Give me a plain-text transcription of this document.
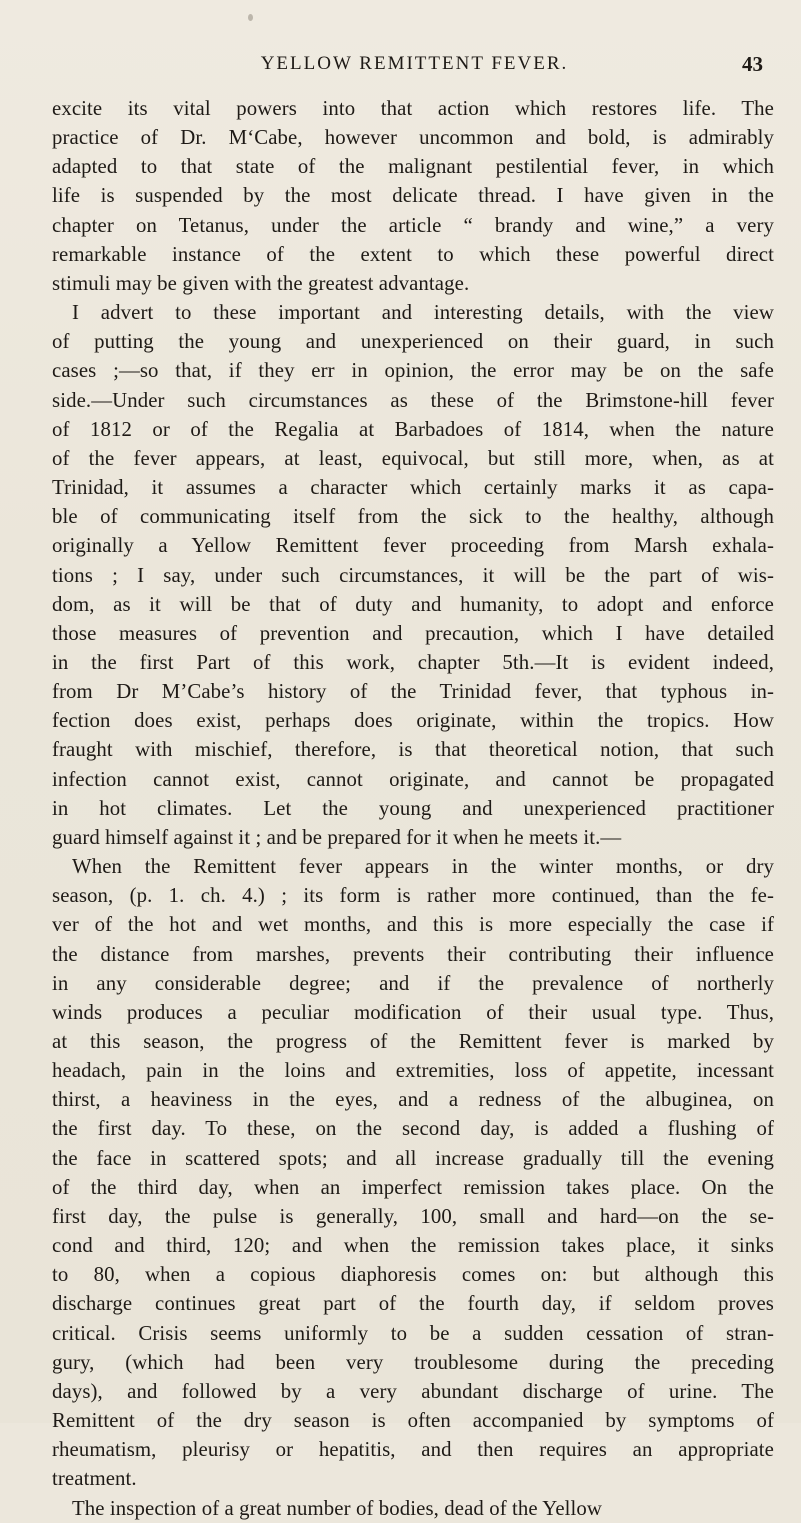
YELLOW REMITTENT FEVER.	43
excite its vital powers into that action which restores life. The
practice of Dr. M‘Cabe, however uncommon and bold, is admirably
adapted to that state of the malignant pestilential fever, in which
life is suspended by the most delicate thread. I have given in the
chapter on Tetanus, under the article “ brandy and wine,” a very
remarkable instance of the extent to which these powerful direct
stimuli may be given with the greatest advantage.
I advert to these important and interesting details, with the view
of putting the young and unexperienced on their guard, in such
cases ;—so that, if they err in opinion, the error may be on the safe
side.—Under such circumstances as these of the Brimstone-hill fever
of 1812 or of the Regalia at Barbadoes of 1814, when the nature
of the fever appears, at least, equivocal, but still more, when, as at
Trinidad, it assumes a character which certainly marks it as capa-
ble of communicating itself from the sick to the healthy, although
originally a Yellow Remittent fever proceeding from Marsh exhala-
tions ; I say, under such circumstances, it will be the part of wis-
dom, as it will be that of duty and humanity, to adopt and enforce
those measures of prevention and precaution, which I have detailed
in the first Part of this work, chapter 5th.—It is evident indeed,
from Dr M’Cabe’s history of the Trinidad fever, that typhous in-
fection does exist, perhaps does originate, within the tropics. How
fraught with mischief, therefore, is that theoretical notion, that such
infection cannot exist, cannot originate, and cannot be propagated
in hot climates. Let the young and unexperienced practitioner
guard himself against it ; and be prepared for it when he meets it.—
When the Remittent fever appears in the winter months, or dry
season, (p. 1. ch. 4.) ; its form is rather more continued, than the fe-
ver of the hot and wet months, and this is more especially the case if
the distance from marshes, prevents their contributing their influence
in any considerable degree; and if the prevalence of northerly
winds produces a peculiar modification of their usual type. Thus,
at this season, the progress of the Remittent fever is marked by
headach, pain in the loins and extremities, loss of appetite, incessant
thirst, a heaviness in the eyes, and a redness of the albuginea, on
the first day. To these, on the second day, is added a flushing of
the face in scattered spots; and all increase gradually till the evening
of the third day, when an imperfect remission takes place. On the
first day, the pulse is generally, 100, small and hard—on the se-
cond and third, 120; and when the remission takes place, it sinks
to 80, when a copious diaphoresis comes on: but although this
discharge continues great part of the fourth day, if seldom proves
critical. Crisis seems uniformly to be a sudden cessation of stran-
gury, (which had been very troublesome during the preceding
days), and followed by a very abundant discharge of urine. The
Remittent of the dry season is often accompanied by symptoms of
rheumatism, pleurisy or hepatitis, and then requires an appropriate
treatment.
The inspection of a great number of bodies, dead of the Yellow
